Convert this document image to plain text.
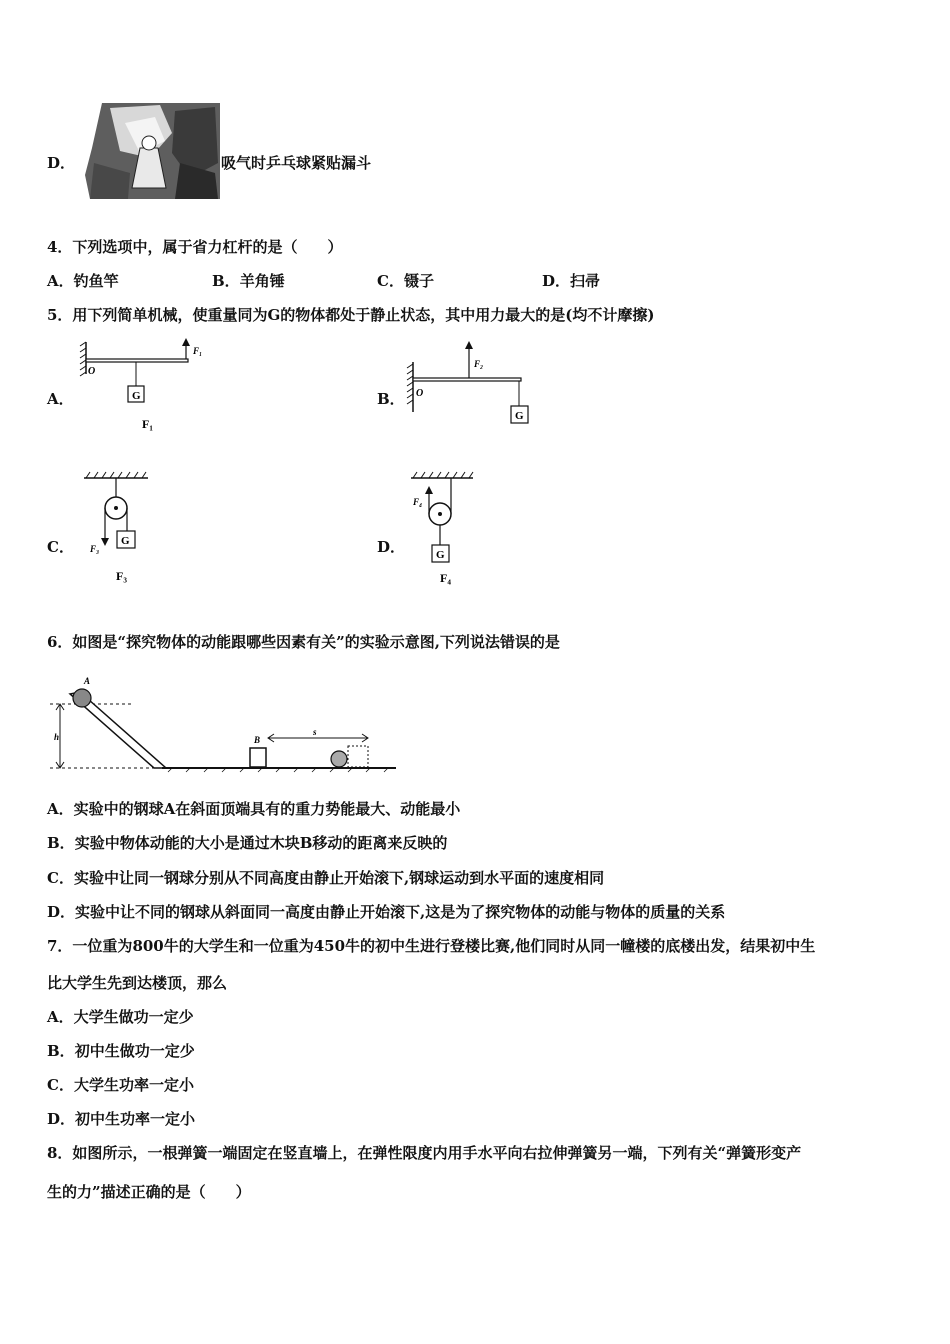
D．	吸气时乒乓球紧贴漏斗
4．下列选项中，属于省力杠杆的是（　　）
A．钓鱼竿	B．羊角锤	C．镊子	D．扫帚
5．用下列简单机械，使重量同为G的物体都处于静止状态，其中用力最大的是(均不计摩擦)
A．
F₁
O
G
F₁
B． O
F₂
G
C． F₃
G
F₃
D．
F₄
G
F₄
6．如图是“探究物体的动能跟哪些因素有关”的实验示意图,下列说法错误的是
h
A
B
s
A．实验中的钢球A在斜面顶端具有的重力势能最大、动能最小
B．实验中物体动能的大小是通过木块B移动的距离来反映的
C．实验中让同一钢球分别从不同高度由静止开始滚下,钢球运动到水平面的速度相同
D．实验中让不同的钢球从斜面同一高度由静止开始滚下,这是为了探究物体的动能与物体的质量的关系
7．一位重为800牛的大学生和一位重为450牛的初中生进行登楼比赛,他们同时从同一幢楼的底楼出发，结果初中生
比大学生先到达楼顶，那么
A．大学生做功一定少
B．初中生做功一定少
C．大学生功率一定小
D．初中生功率一定小
8．如图所示，一根弹簧一端固定在竖直墙上，在弹性限度内用手水平向右拉伸弹簧另一端，下列有关“弹簧形变产
生的力”描述正确的是（　　）
